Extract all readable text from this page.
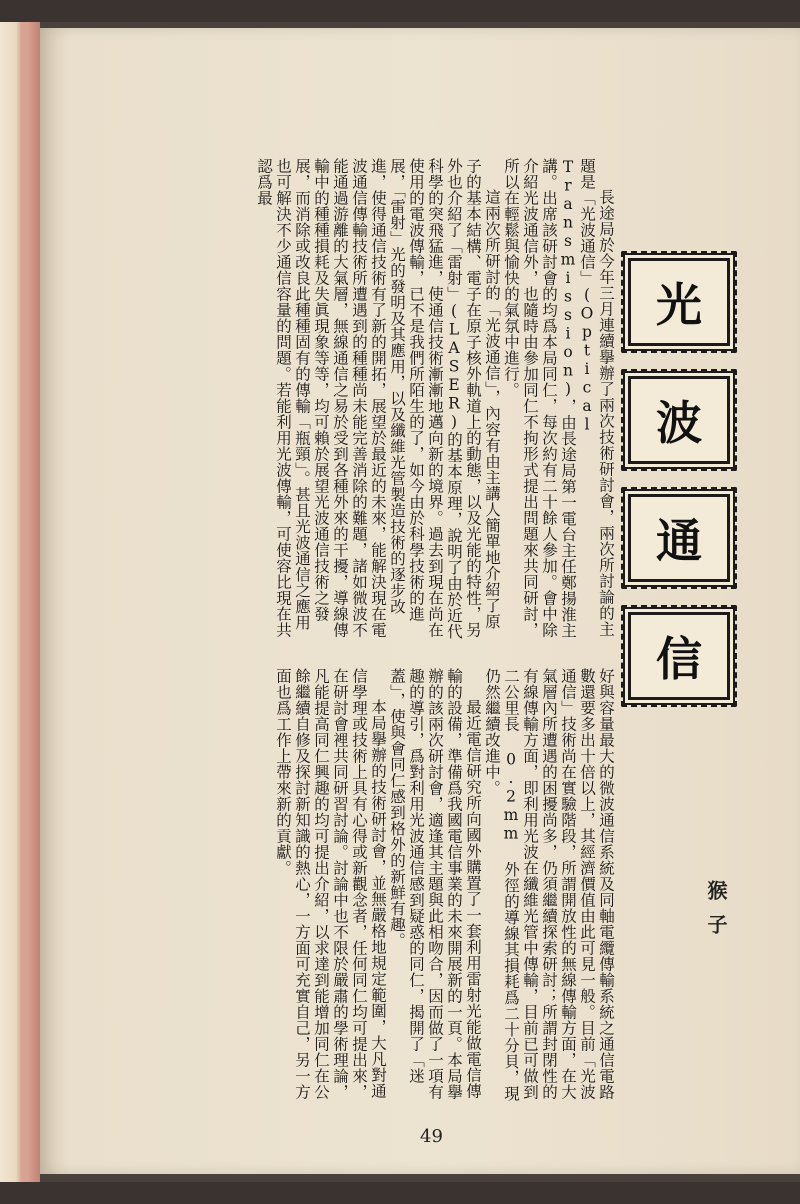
光
波
通
信
猴子
長途局於今年三月連續擧辦了兩次技術研討會，兩次所討論的主題是「光波通信」(Optical Transmission)，由長途局第一電台主任鄭揚淮主講。出席該研討會的均爲本局同仁，每次約有二十餘人參加。會中除介紹光波通信外，也隨時由參加同仁不拘形式提出問題來共同研討，所以在輕鬆與愉快的氣氛中進行。
這兩次所研討的「光波通信」，內容有由主講人簡單地介紹了原子的基本結構、電子在原子核外軌道上的動態，以及光能的特性，另外也介紹了「雷射」(LASER)的基本原理，說明了由於近代科學的突飛猛進，使通信技術漸漸地邁向新的境界。過去到現在尚在使用的電波傳輸，已不是我們所陌生的了，如今由於科學技術的進展，「雷射」光的發明及其應用，以及纖維光管製造技術的逐步改進，使得通信技術有了新的開拓，展望於最近的未來，能解決現在電波通信傳輸技術所遭遇到的種種尚未能完善消除的難題，諸如微波不能通過游離的大氣層，無線通信之易於受到各種外來的干擾，導線傳輸中的種種損耗及失眞現象等等，均可賴於展望光波通信技術之發展，而消除或改良此種種固有的傳輸「瓶頸」。甚且光波通信之應用也可解決不少通信容量的問題。若能利用光波傳輸，可使容比現在共認爲最
好與容量最大的微波通信系統及同軸電纜傳輸系統之通信電路數還要多出十倍以上，其經濟價值由此可見一般。目前「光波通信」技術尚在實驗階段，所謂開放性的無線傳輸方面，在大氣層內所遭遇的困擾尚多，仍須繼續探索研討；所謂封閉性的有線傳輸方面，即利用光波在纖維光管中傳輸，目前已可做到二公里長 0.2mm 外徑的導線其損耗爲二十分貝，現仍然繼續改進中。
最近電信研究所向國外購置了一套利用雷射光能做電信傳輸的設備，準備爲我國電信事業的未來開展新的一頁。本局擧辦的該兩次研討會，適逢其主題與此相吻合，因而做了一項有趣的導引，爲對利用光波通信感到疑惑的同仁，揭開了「迷蓋」，使與會同仁感到格外的新鮮有趣。
本局擧辦的技術研討會，並無嚴格地規定範圍，大凡對通信學理或技術上具有心得或新觀念者，任何同仁均可提出來，在研討會裡共同研習討論。討論中也不限於嚴肅的學術理論，凡能提高同仁興趣的均可提出介紹，以求達到能增加同仁在公餘繼續自修及探討新知識的熱心，一方面可充實自己，另一方面也爲工作上帶來新的貢獻。
49
